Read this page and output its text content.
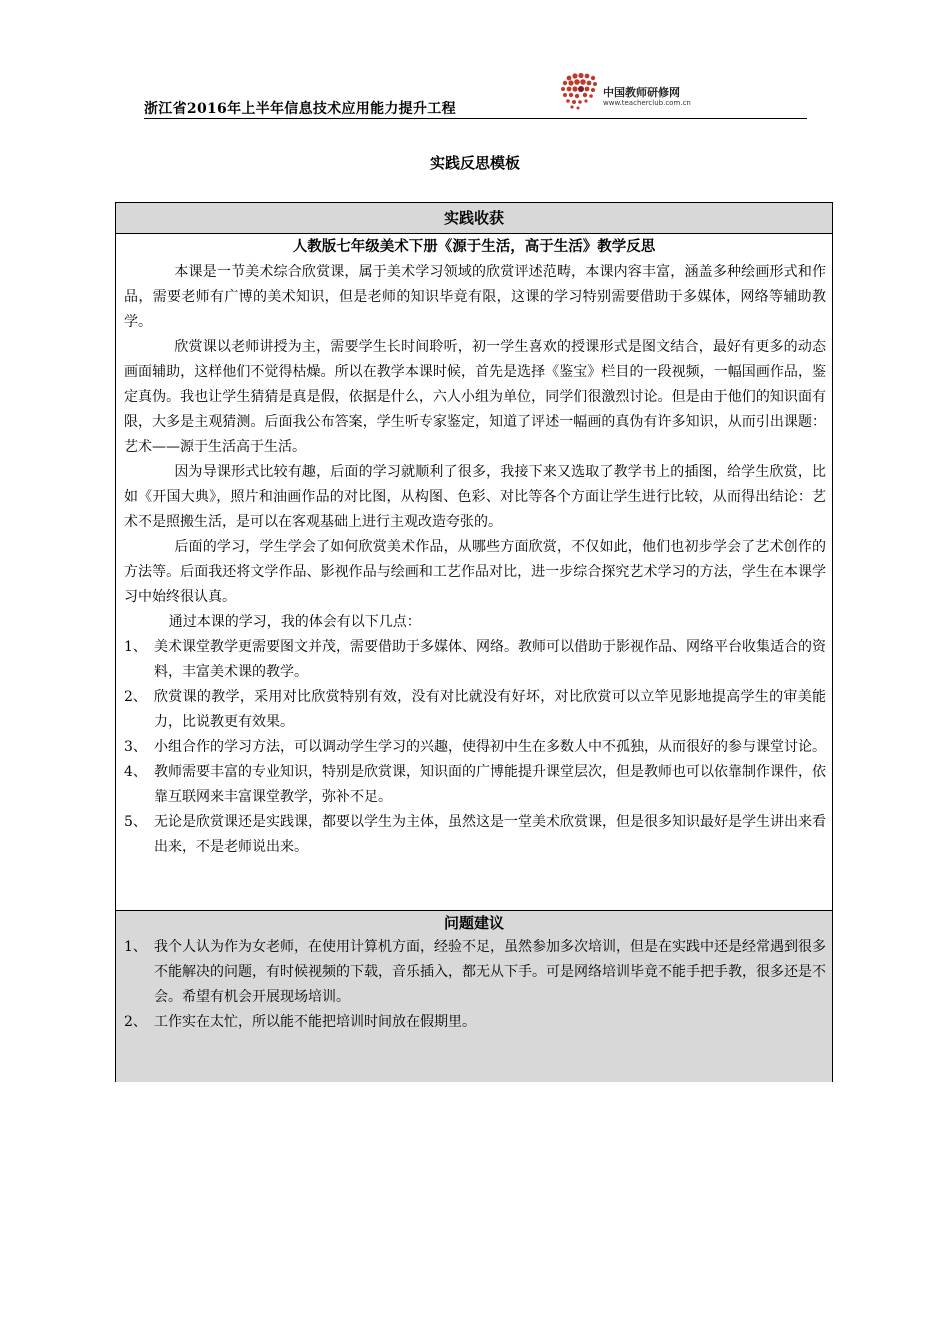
浙江省2016年上半年信息技术应用能力提升工程
中国教师研修网
www.teacherclub.com.cn
实践反思模板
实践收获
人教版七年级美术下册《源于生活，高于生活》教学反思

本课是一节美术综合欣赏课，属于美术学习领域的欣赏评述范畴，本课内容丰富，涵盖多种绘画形式和作品，需要老师有广博的美术知识，但是老师的知识毕竟有限，这课的学习特别需要借助于多媒体，网络等辅助教学。

欣赏课以老师讲授为主，需要学生长时间聆听，初一学生喜欢的授课形式是图文结合，最好有更多的动态画面辅助，这样他们不觉得枯燥。所以在教学本课时候，首先是选择《鉴宝》栏目的一段视频，一幅国画作品，鉴定真伪。我也让学生猜猜是真是假，依据是什么，六人小组为单位，同学们很激烈讨论。但是由于他们的知识面有限，大多是主观猜测。后面我公布答案，学生听专家鉴定，知道了评述一幅画的真伪有许多知识，从而引出课题：艺术——源于生活高于生活。

因为导课形式比较有趣，后面的学习就顺利了很多，我接下来又选取了教学书上的插图，给学生欣赏，比如《开国大典》，照片和油画作品的对比图，从构图、色彩、对比等各个方面让学生进行比较，从而得出结论：艺术不是照搬生活，是可以在客观基础上进行主观改造夸张的。

后面的学习，学生学会了如何欣赏美术作品，从哪些方面欣赏，不仅如此，他们也初步学会了艺术创作的方法等。后面我还将文学作品、影视作品与绘画和工艺作品对比，进一步综合探究艺术学习的方法，学生在本课学习中始终很认真。

通过本课的学习，我的体会有以下几点：

1、 美术课堂教学更需要图文并茂，需要借助于多媒体、网络。教师可以借助于影视作品、网络平台收集适合的资料，丰富美术课的教学。

2、 欣赏课的教学，采用对比欣赏特别有效，没有对比就没有好坏，对比欣赏可以立竿见影地提高学生的审美能力，比说教更有效果。

3、 小组合作的学习方法，可以调动学生学习的兴趣，使得初中生在多数人中不孤独，从而很好的参与课堂讨论。

4、 教师需要丰富的专业知识，特别是欣赏课，知识面的广博能提升课堂层次，但是教师也可以依靠制作课件，依靠互联网来丰富课堂教学，弥补不足。

5、 无论是欣赏课还是实践课，都要以学生为主体，虽然这是一堂美术欣赏课，但是很多知识最好是学生讲出来看出来，不是老师说出来。

问题建议

1、 我个人认为作为女老师，在使用计算机方面，经验不足，虽然参加多次培训，但是在实践中还是经常遇到很多不能解决的问题，有时候视频的下载，音乐插入，都无从下手。可是网络培训毕竟不能手把手教，很多还是不会。希望有机会开展现场培训。

2、 工作实在太忙，所以能不能把培训时间放在假期里。
